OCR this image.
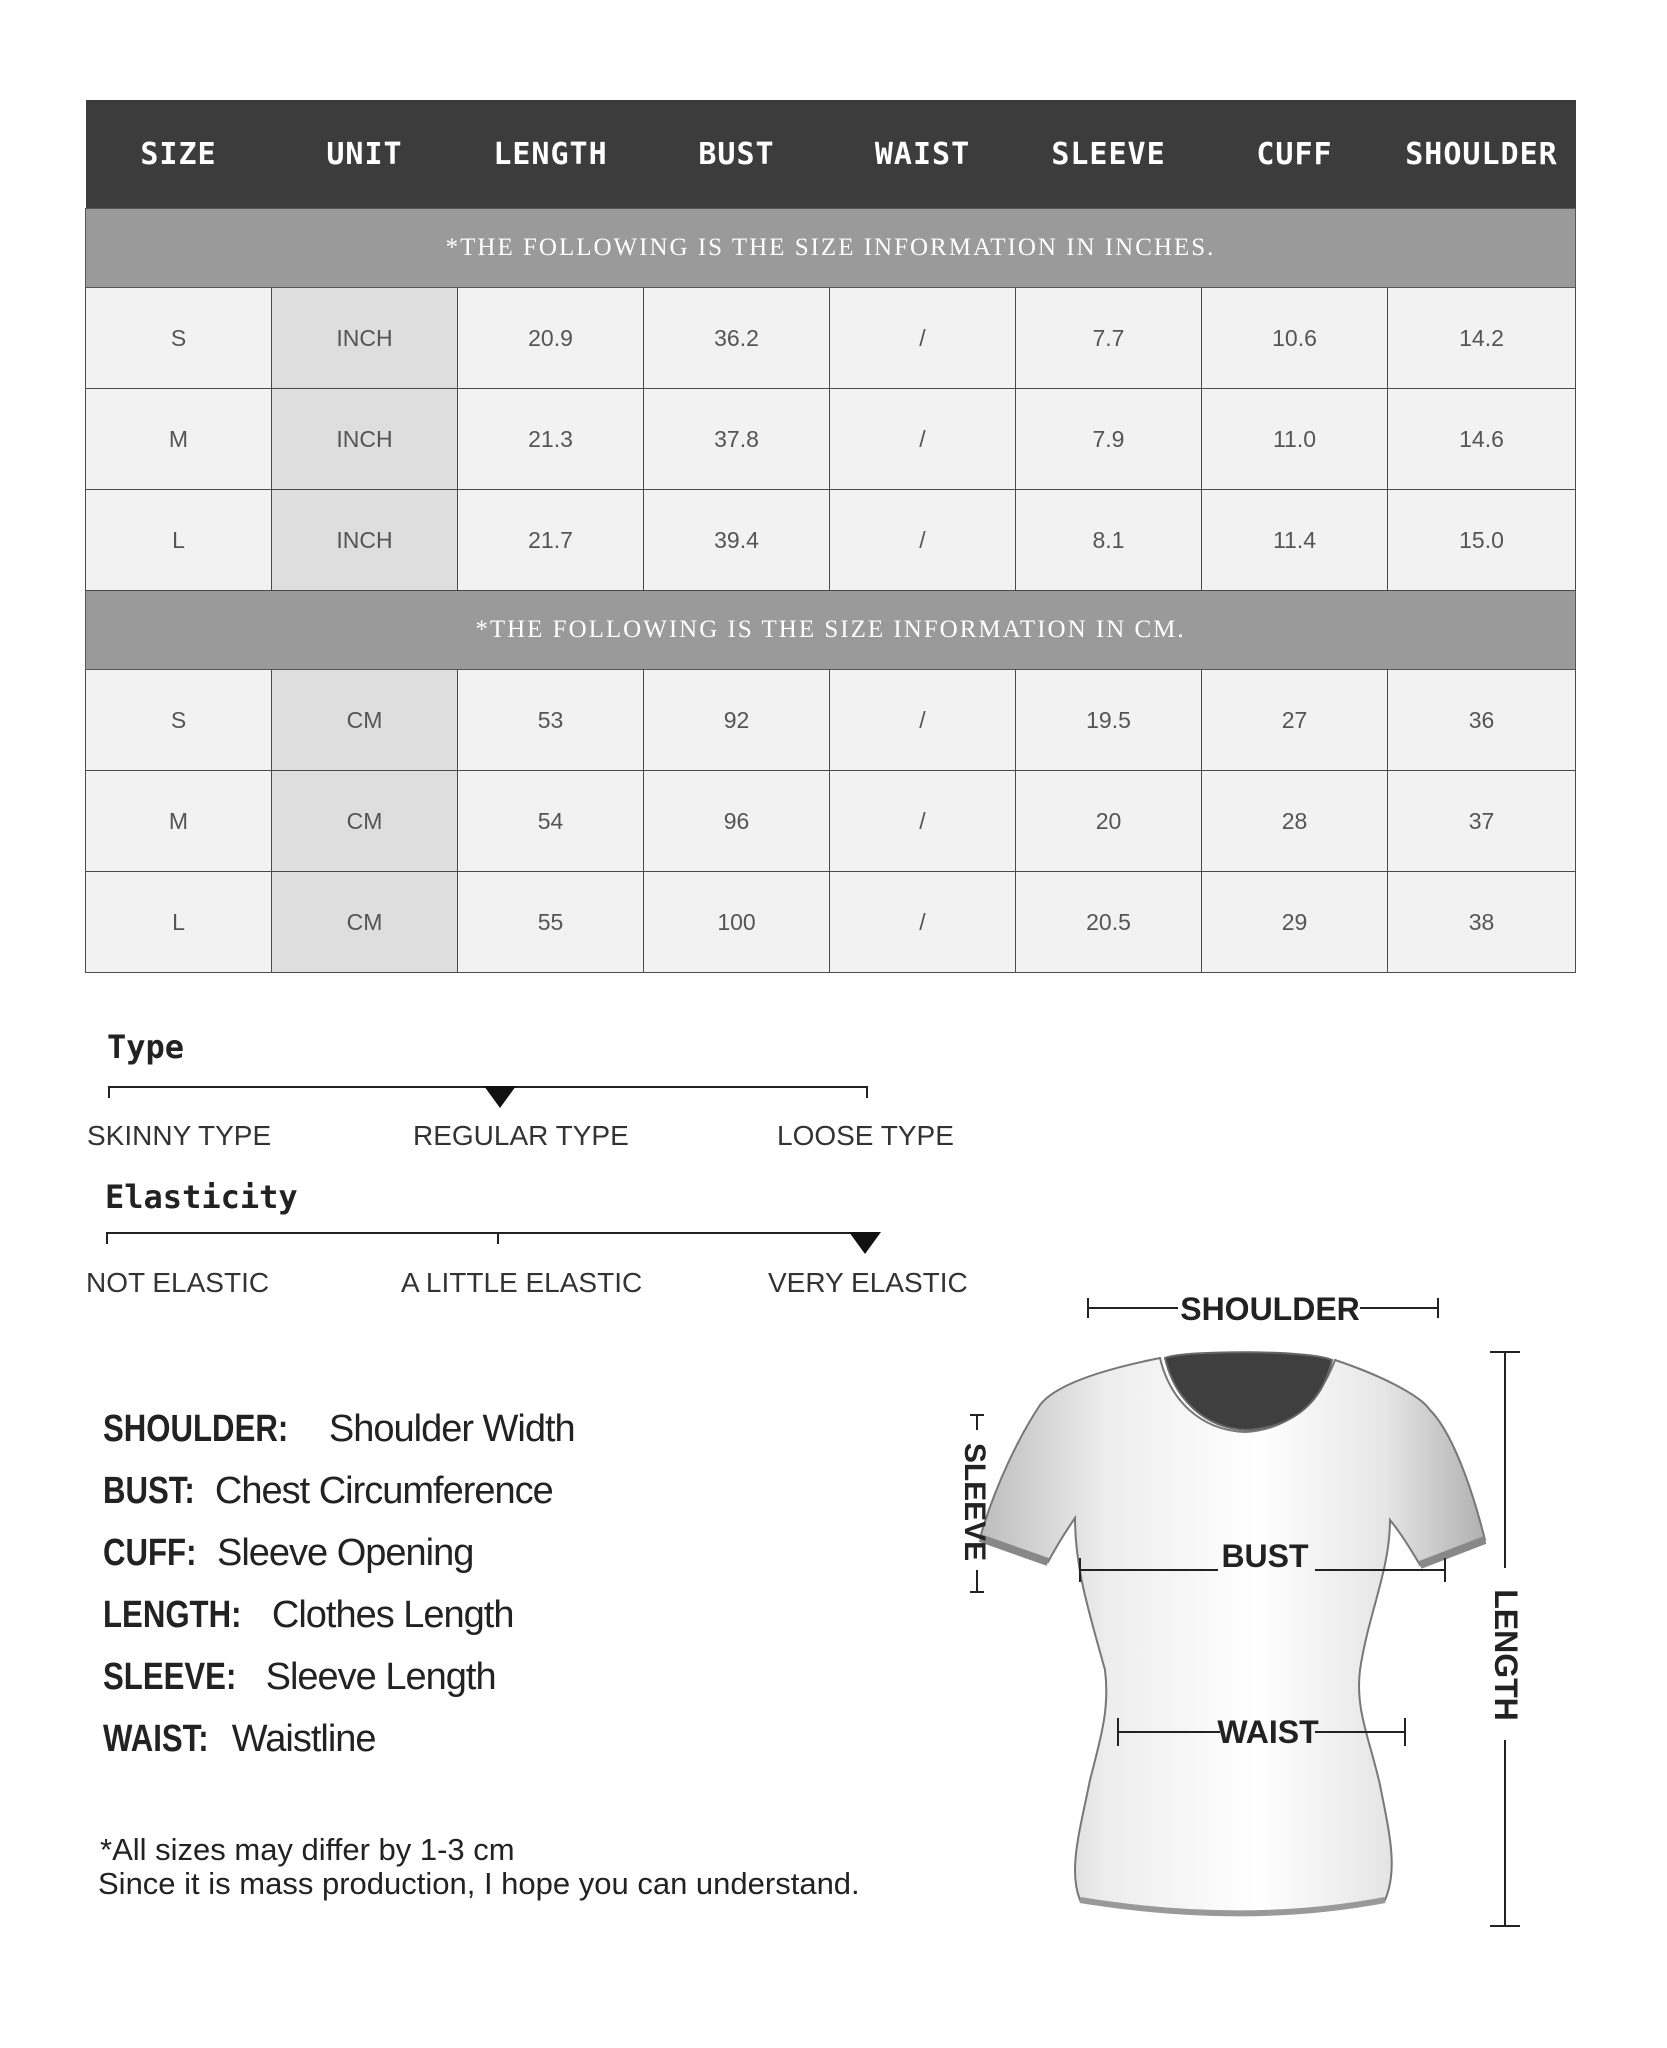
SIZE	UNIT	LENGTH	BUST	WAIST	SLEEVE	CUFF	SHOULDER
*THE FOLLOWING IS THE SIZE INFORMATION IN INCHES.							
S	INCH	20.9	36.2	/	7.7	10.6	14.2
M	INCH	21.3	37.8	/	7.9	11.0	14.6
L	INCH	21.7	39.4	/	8.1	11.4	15.0
*THE FOLLOWING IS THE SIZE INFORMATION IN CM.							
S	CM	53	92	/	19.5	27	36
M	CM	54	96	/	20	28	37
L	CM	55	100	/	20.5	29	38
Type
SKINNY TYPE	REGULAR TYPE	LOOSE TYPE
Elasticity
NOT ELASTIC	A LITTLE ELASTIC	VERY ELASTIC
SHOULDER: Shoulder Width
BUST: Chest Circumference
CUFF: Sleeve Opening
LENGTH: Clothes Length
SLEEVE: Sleeve Length
WAIST: Waistline
*All sizes may differ by 1-3 cm
Since it is mass production, I hope you can understand.
SHOULDER
SLEEVE	BUST
WAIST
LENGTH
